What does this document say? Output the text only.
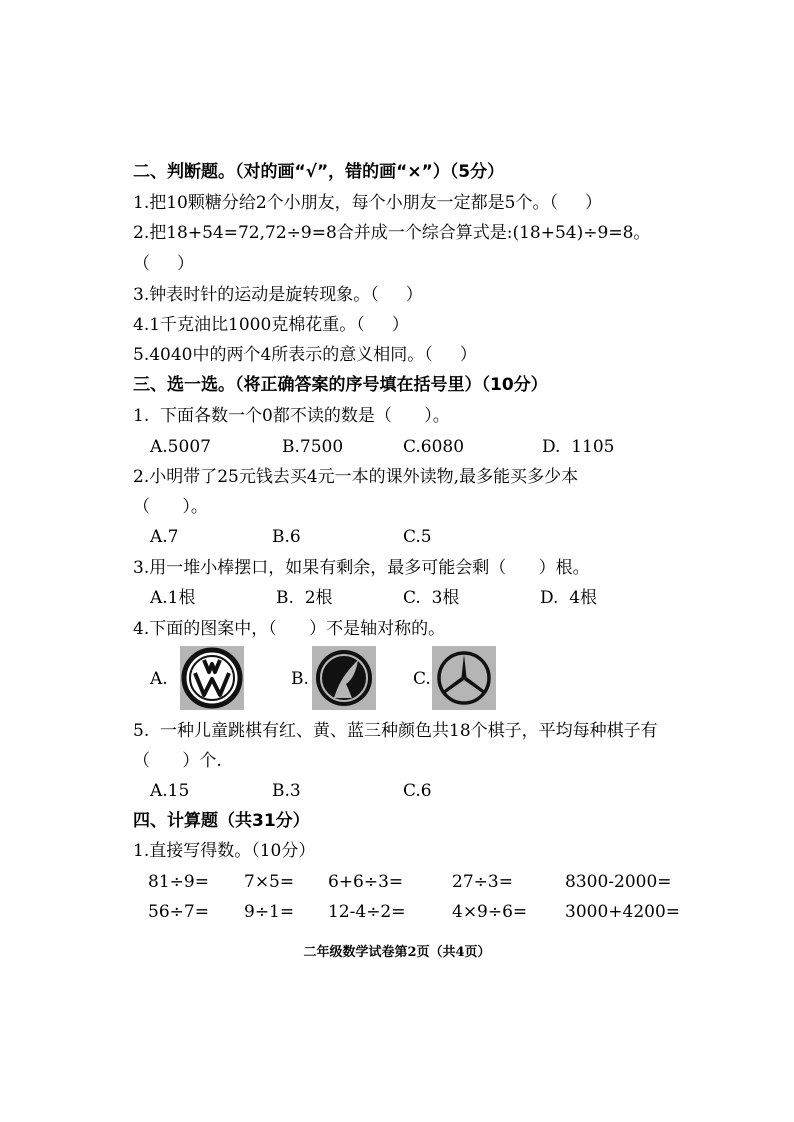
二、判断题。（对的画“√”，错的画“×”）（5分）
1.把10颗糖分给2个小朋友，每个小朋友一定都是5个。（     ）
2.把18+54=72,72÷9=8合并成一个综合算式是:(18+54)÷9=8。
（     ）
3.钟表时针的运动是旋转现象。（     ）
4.1千克油比1000克棉花重。（     ）
5.4040中的两个4所表示的意义相同。（     ）
三、选一选。（将正确答案的序号填在括号里）（10分）
1.  下面各数一个0都不读的数是（      ）。
A.5007	B.7500	C.6080	D.  1105
2.小明带了25元钱去买4元一本的课外读物,最多能买多少本
（      ）。
A.7	B.6	C.5
3.用一堆小棒摆口，如果有剩余，最多可能会剩（      ）根。
A.1根	B.  2根	C.  3根	D.  4根
4.下面的图案中，（      ）不是轴对称的。
A.	B.	C.
5.  一种儿童跳棋有红、黄、蓝三种颜色共18个棋子，平均每种棋子有
（      ）个.
A.15	B.3	C.6
四、计算题（共31分）
1.直接写得数。（10分）
81÷9= 7×5= 6+6÷3=	27÷3=	8300-2000=
56÷7= 9÷1= 12-4÷2=	4×9÷6= 3000+4200=
二年级数学试卷第2页（共4页）
